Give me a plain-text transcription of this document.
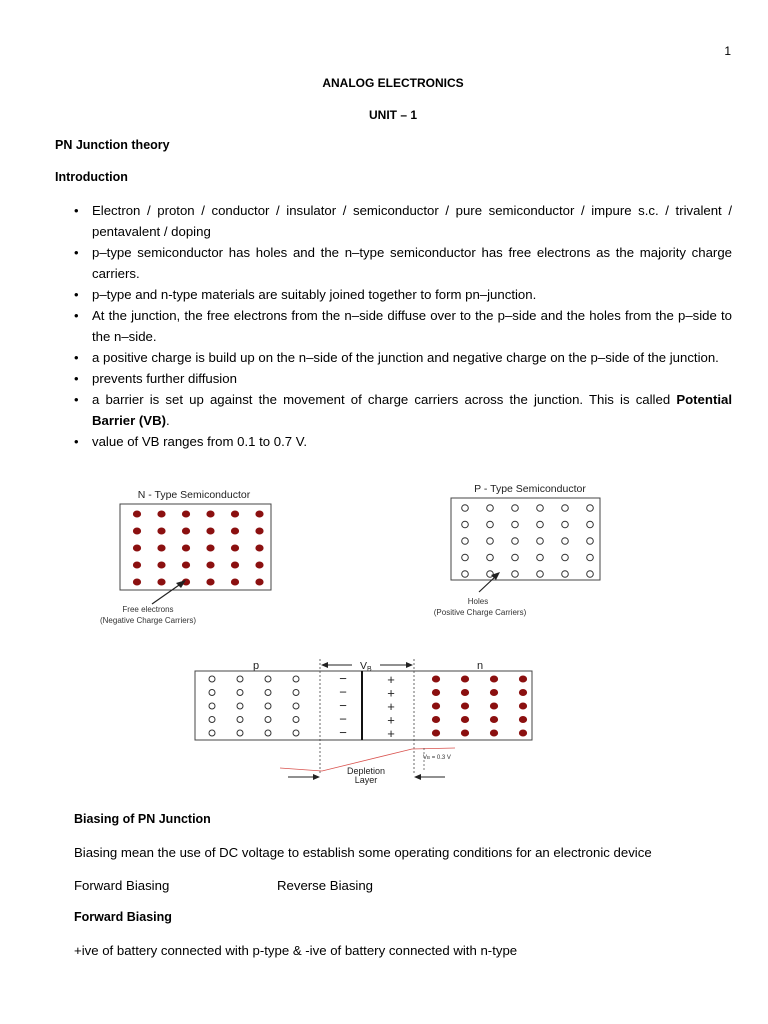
1
ANALOG ELECTRONICS
UNIT – 1
PN Junction theory
Introduction
• Electron / proton / conductor / insulator / semiconductor / pure semiconductor / impure s.c. / trivalent / pentavalent / doping
• p–type semiconductor has holes and the n–type semiconductor has free electrons as the majority charge carriers.
• p–type and n-type materials are suitably joined together to form pn–junction.
• At the junction, the free electrons from the n–side diffuse over to the p–side and the holes from the p–side to the n–side.
• a positive charge is build up on the n–side of the junction and negative charge on the p–side of the junction.
• prevents further diffusion
• a barrier is set up against the movement of charge carriers across the junction. This is called Potential Barrier (VB).
• value of VB ranges from 0.1 to 0.7 V.
N - Type Semiconductor
Free electrons
(Negative Charge Carriers)
P - Type Semiconductor
Holes
(Positive Charge Carriers)
p	n
VB
−
−
−
−
−
+
+
+
+
+
VB = 0.3 V
Depletion
Layer
Biasing of PN Junction
Biasing mean the use of DC voltage to establish some operating conditions for an electronic device
Forward Biasing	Reverse Biasing
Forward Biasing
+ive of battery connected with p-type & -ive of battery connected with n-type
